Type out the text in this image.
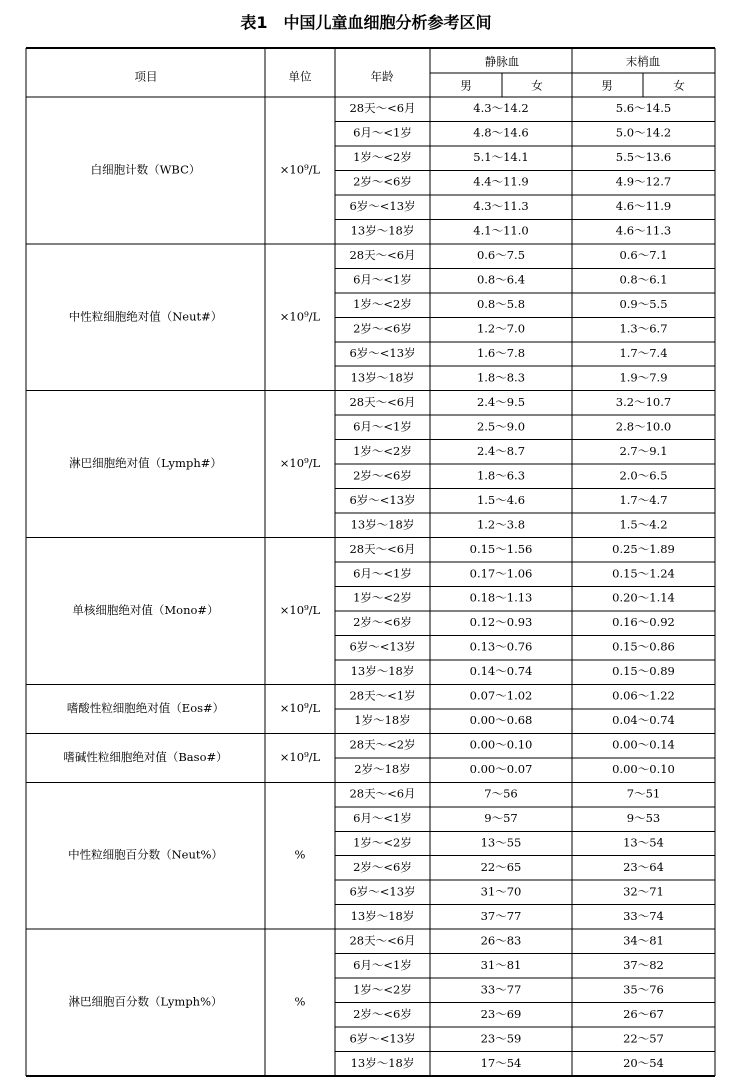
表1　中国儿童血细胞分析参考区间
项目	单位	年龄
静脉血	末梢血
男	女	男	女
白细胞计数（WBC）	×10⁹/L
28天～<6月	4.3～14.2	5.6～14.5
6月～<1岁	4.8～14.6	5.0～14.2
1岁～<2岁	5.1～14.1	5.5～13.6
2岁～<6岁	4.4～11.9	4.9～12.7
6岁～<13岁	4.3～11.3	4.6～11.9
13岁～18岁	4.1～11.0	4.6～11.3
中性粒细胞绝对值（Neut#）	×10⁹/L
28天～<6月	0.6～7.5	0.6～7.1
6月～<1岁	0.8～6.4	0.8～6.1
1岁～<2岁	0.8～5.8	0.9～5.5
2岁～<6岁	1.2～7.0	1.3～6.7
6岁～<13岁	1.6～7.8	1.7～7.4
13岁～18岁	1.8～8.3	1.9～7.9
淋巴细胞绝对值（Lymph#）	×10⁹/L
28天～<6月	2.4～9.5	3.2～10.7
6月～<1岁	2.5～9.0	2.8～10.0
1岁～<2岁	2.4～8.7	2.7～9.1
2岁～<6岁	1.8～6.3	2.0～6.5
6岁～<13岁	1.5～4.6	1.7～4.7
13岁～18岁	1.2～3.8	1.5～4.2
单核细胞绝对值（Mono#）	×10⁹/L
28天～<6月	0.15～1.56	0.25～1.89
6月～<1岁	0.17～1.06	0.15～1.24
1岁～<2岁	0.18～1.13	0.20～1.14
2岁～<6岁	0.12～0.93	0.16～0.92
6岁～<13岁	0.13～0.76	0.15～0.86
13岁～18岁	0.14～0.74	0.15～0.89
嗜酸性粒细胞绝对值（Eos#）	×10⁹/L
28天～<1岁	0.07～1.02	0.06～1.22
1岁～18岁	0.00～0.68	0.04～0.74
嗜碱性粒细胞绝对值（Baso#）	×10⁹/L
28天～<2岁	0.00～0.10	0.00～0.14
2岁～18岁	0.00～0.07	0.00～0.10
中性粒细胞百分数（Neut%）	%
28天～<6月	7～56	7～51
6月～<1岁	9～57	9～53
1岁～<2岁	13～55	13～54
2岁～<6岁	22～65	23～64
6岁～<13岁	31～70	32～71
13岁～18岁	37～77	33～74
淋巴细胞百分数（Lymph%）	%
28天～<6月	26～83	34～81
6月～<1岁	31～81	37～82
1岁～<2岁	33～77	35～76
2岁～<6岁	23～69	26～67
6岁～<13岁	23～59	22～57
13岁～18岁	17～54	20～54
